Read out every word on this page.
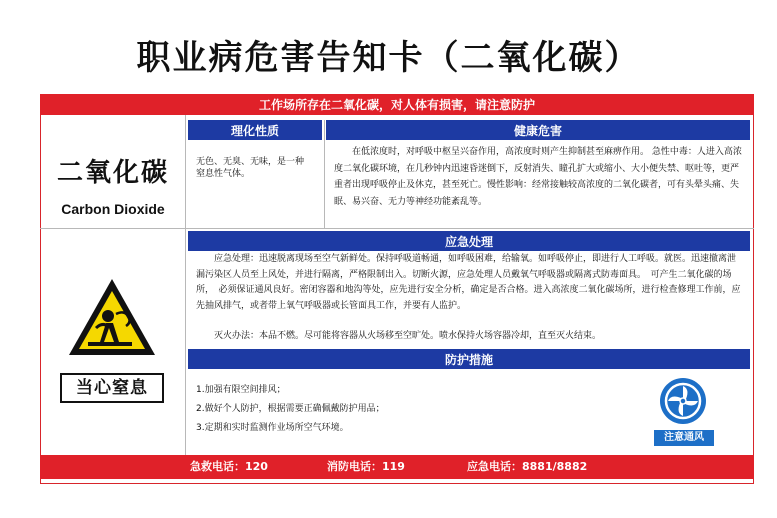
职业病危害告知卡（二氧化碳）
工作场所存在二氧化碳，对人体有损害，请注意防护
二氧化碳
Carbon Dioxide
当心窒息
理化性质	健康危害
无色、无臭、无味，是一种窒息性气体。
在低浓度时，对呼吸中枢呈兴奋作用，高浓度时则产生抑制甚至麻痹作用。 急性中毒：人进入高浓度二氧化碳环境，在几秒钟内迅速昏迷倒下，反射消失、瞳孔扩大或缩小、大小便失禁、呕吐等，更严重者出现呼吸停止及休克，甚至死亡。慢性影响：经常接触较高浓度的二氧化碳者，可有头晕头痛、失眠、易兴奋、无力等神经功能紊乱等。
应急处理
应急处理：迅速脱离现场至空气新鲜处。保持呼吸道畅通，如呼吸困难，给输氧。如呼吸停止，即进行人工呼吸。就医。迅速撤离泄漏污染区人员至上风处，并进行隔离，严格限制出入。切断火源，应急处理人员戴氧气呼吸器或隔离式防毒面具。　可产生二氧化碳的场所，　必须保证通风良好。密闭容器和地沟等处，应先进行安全分析，确定是否合格。进入高浓度二氧化碳场所，进行检查修理工作前，应先抽风排气，或者带上氧气呼吸器或长管面具工作，并要有人监护。
灭火办法：本品不燃。尽可能将容器从火场移至空旷处。喷水保持火场容器冷却，直至灭火结束。
防护措施
1.加强有限空间排风；
2.做好个人防护，根据需要正确佩戴防护用品；
3.定期和实时监测作业场所空气环境。
注意通风
急救电话：120	消防电话：119	应急电话：8881/8882
